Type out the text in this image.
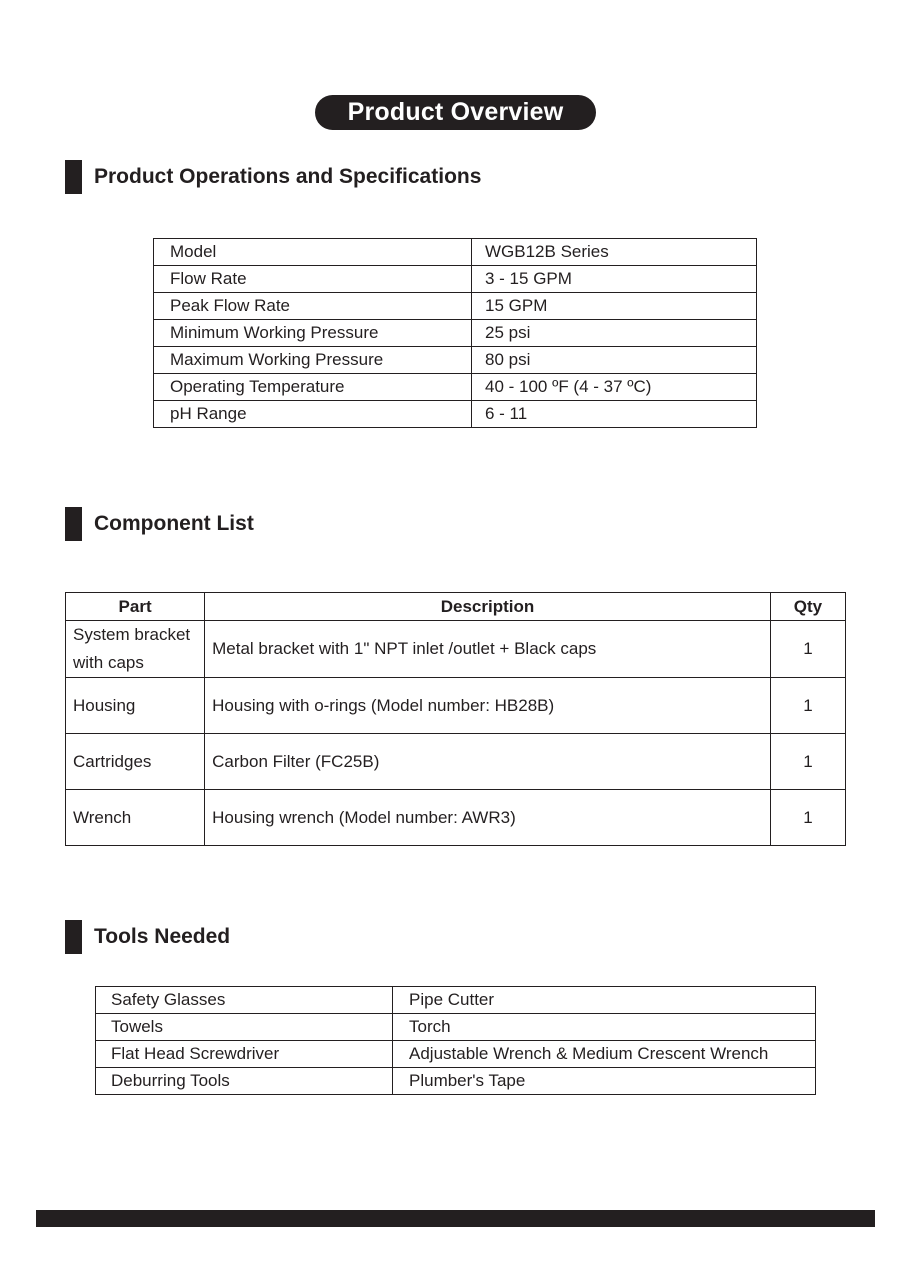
Product Overview
Product Operations and Specifications
Model	WGB12B Series
Flow Rate	3 - 15 GPM
Peak Flow Rate	15 GPM
Minimum Working Pressure	25 psi
Maximum Working Pressure	80 psi
Operating Temperature	40 - 100 ºF (4 - 37 ºC)
pH Range	6 - 11
Component List
Part	Description	Qty
System bracket with caps	Metal bracket with 1" NPT inlet /outlet + Black caps	1
Housing	Housing with o-rings (Model number: HB28B)	1
Cartridges	Carbon Filter (FC25B)	1
Wrench	Housing wrench (Model number: AWR3)	1
Tools Needed
Safety Glasses	Pipe Cutter
Towels	Torch
Flat Head Screwdriver	Adjustable Wrench & Medium Crescent Wrench
Deburring Tools	Plumber's Tape
